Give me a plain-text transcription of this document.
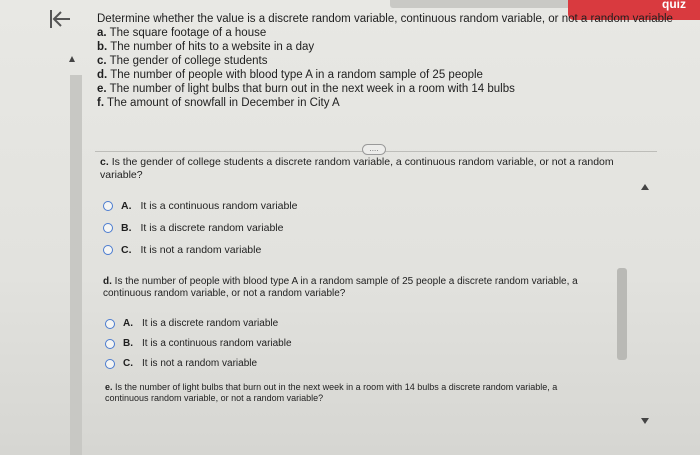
quiz
Determine whether the value is a discrete random variable, continuous random variable, or not a random variable
a. The square footage of a house
b. The number of hits to a website in a day
c. The gender of college students
d. The number of people with blood type A in a random sample of 25 people
e. The number of light bulbs that burn out in the next week in a room with 14 bulbs
f. The amount of snowfall in December in City A
....
c. Is the gender of college students a discrete random variable, a continuous random variable, or not a random
variable?
A. It is a continuous random variable
B. It is a discrete random variable
C. It is not a random variable
d. Is the number of people with blood type A in a random sample of 25 people a discrete random variable, a
continuous random variable, or not a random variable?
A. It is a discrete random variable
B. It is a continuous random variable
C. It is not a random variable
e. Is the number of light bulbs that burn out in the next week in a room with 14 bulbs a discrete random variable, a
continuous random variable, or not a random variable?
